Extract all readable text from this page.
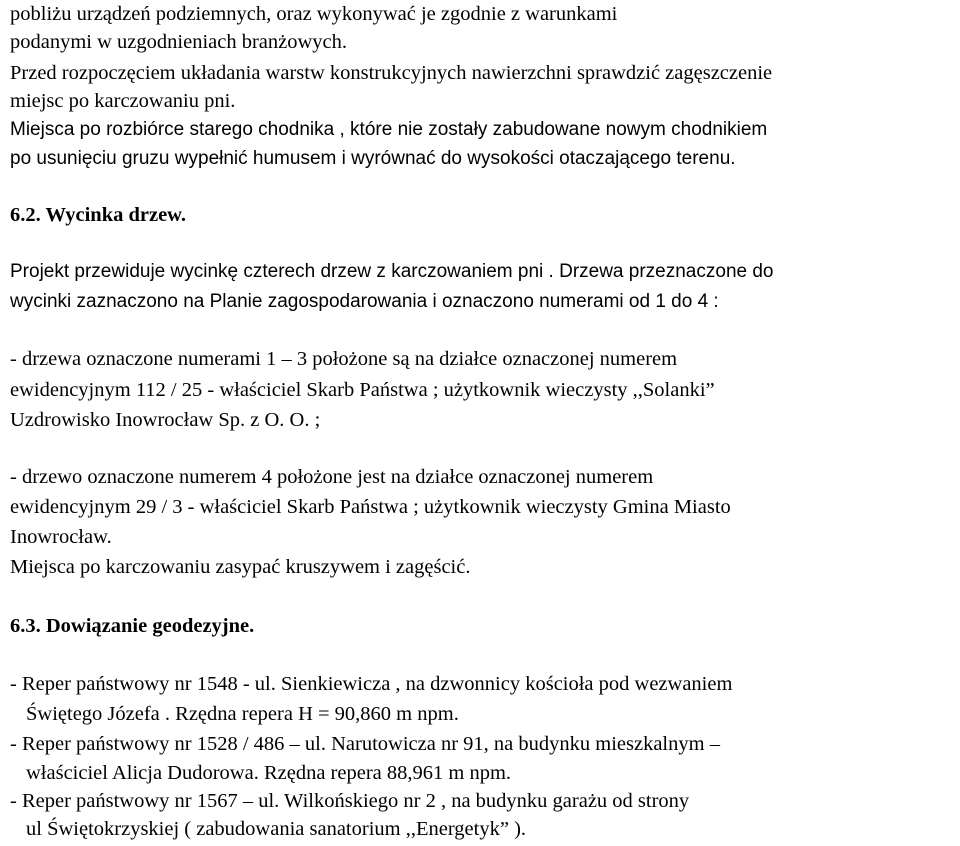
pobliżu urządzeń podziemnych, oraz wykonywać je zgodnie z warunkami
podanymi w uzgodnieniach branżowych.
Przed rozpoczęciem układania warstw konstrukcyjnych nawierzchni sprawdzić zagęszczenie
miejsc po karczowaniu pni.
Miejsca po rozbiórce starego chodnika , które nie zostały zabudowane nowym chodnikiem
po usunięciu gruzu wypełnić humusem i wyrównać do wysokości otaczającego terenu.
6.2. Wycinka drzew.
Projekt przewiduje wycinkę czterech drzew z karczowaniem pni . Drzewa przeznaczone do
wycinki zaznaczono na Planie zagospodarowania i oznaczono numerami od 1 do 4 :
- drzewa oznaczone numerami 1 – 3 położone są na działce oznaczonej numerem
ewidencyjnym 112 / 25 - właściciel Skarb Państwa ; użytkownik wieczysty ,,Solanki”
Uzdrowisko Inowrocław Sp. z O. O. ;
- drzewo oznaczone numerem 4 położone jest na działce oznaczonej numerem
ewidencyjnym 29 / 3 - właściciel Skarb Państwa ; użytkownik wieczysty Gmina Miasto
Inowrocław.
Miejsca po karczowaniu zasypać kruszywem i zagęścić.
6.3. Dowiązanie geodezyjne.
- Reper państwowy nr 1548 - ul. Sienkiewicza , na dzwonnicy kościoła pod wezwaniem
Świętego Józefa . Rzędna repera H = 90,860 m npm.
- Reper państwowy nr 1528 / 486 – ul. Narutowicza nr 91, na budynku mieszkalnym –
właściciel Alicja Dudorowa. Rzędna repera 88,961 m npm.
- Reper państwowy nr 1567 – ul. Wilkońskiego nr 2 , na budynku garażu od strony
ul Świętokrzyskiej ( zabudowania sanatorium ,,Energetyk” ).
